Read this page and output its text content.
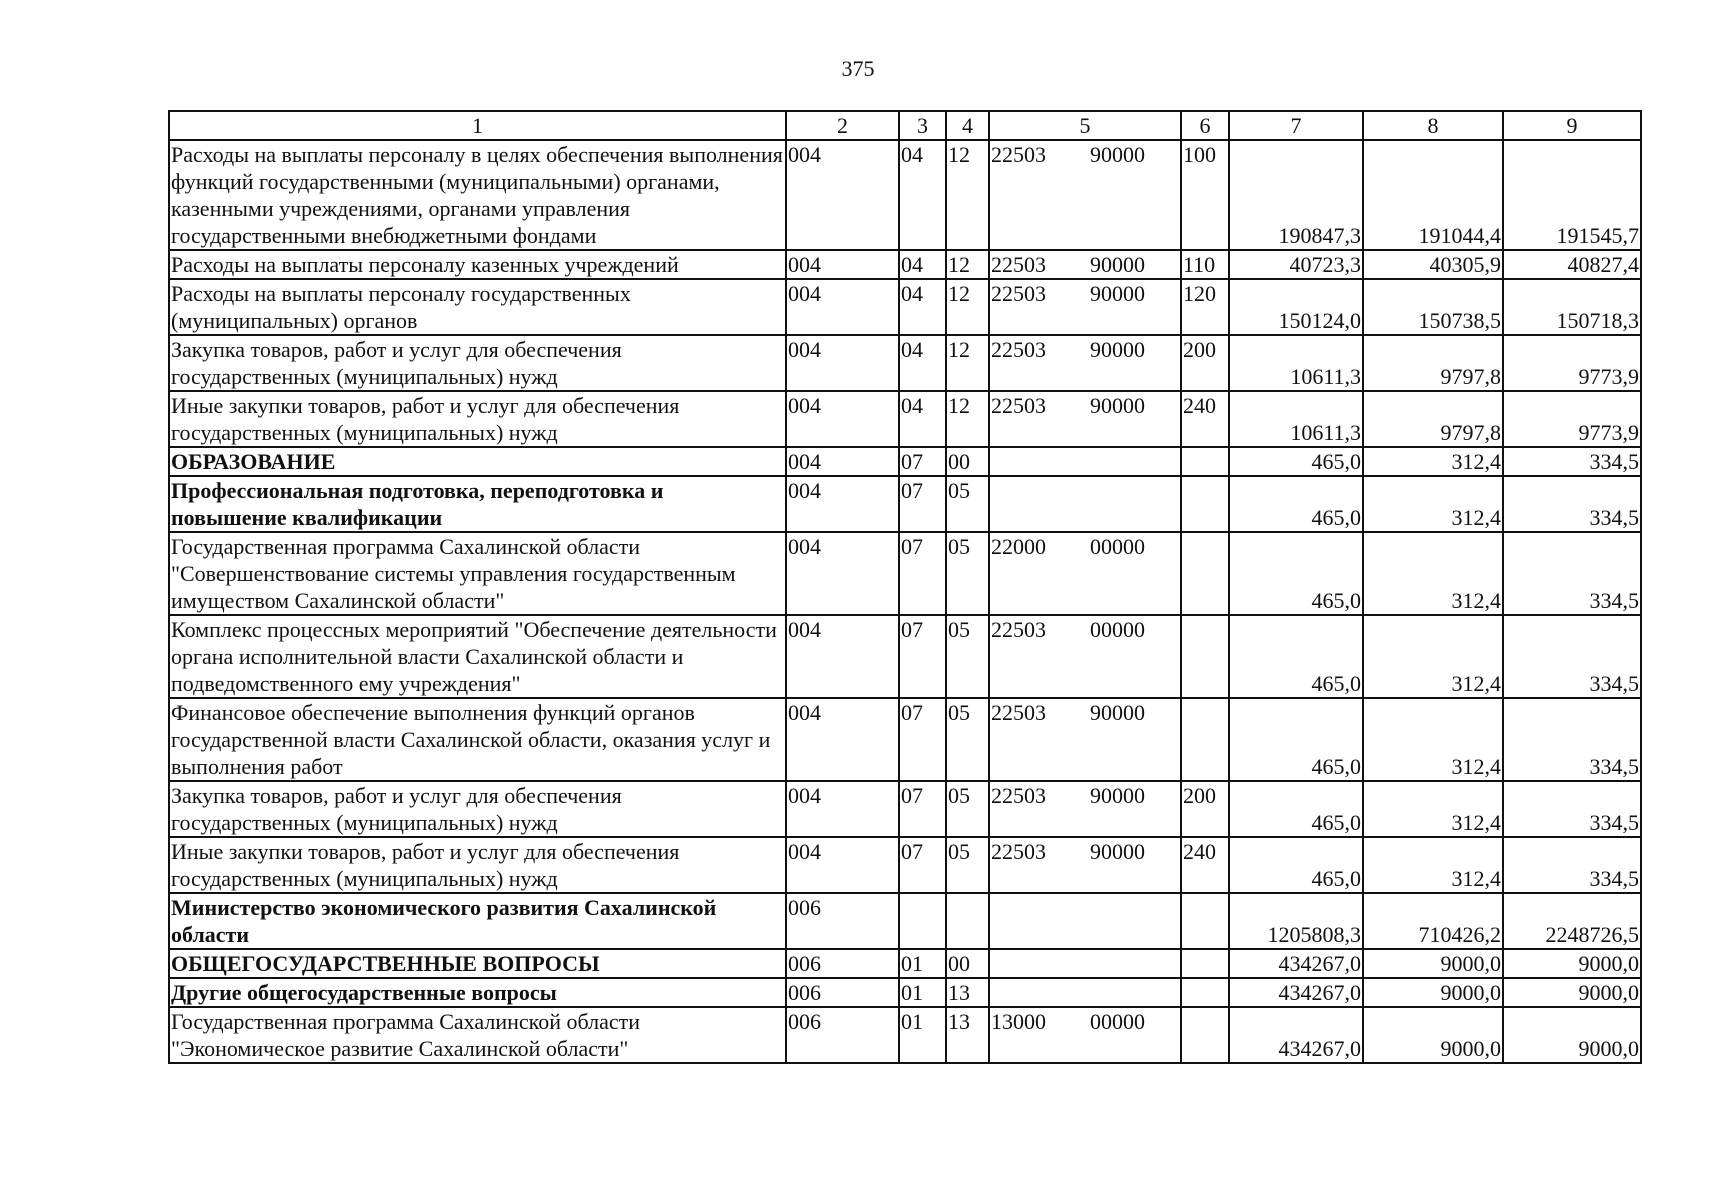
375
1	2	3	4	5	6	7	8	9
Расходы на выплаты персоналу в целях обеспечения выполнения функций государственными (муниципальными) органами, казенными учреждениями, органами управления государственными внебюджетными фондами	004	04	12	22503 90000	100	190847,3	191044,4	191545,7
Расходы на выплаты персоналу казенных учреждений	004	04	12	22503 90000	110	40723,3	40305,9	40827,4
Расходы на выплаты персоналу государственных (муниципальных) органов	004	04	12	22503 90000	120	150124,0	150738,5	150718,3
Закупка товаров, работ и услуг для обеспечения государственных (муниципальных) нужд	004	04	12	22503 90000	200	10611,3	9797,8	9773,9
Иные закупки товаров, работ и услуг для обеспечения государственных (муниципальных) нужд	004	04	12	22503 90000	240	10611,3	9797,8	9773,9
ОБРАЗОВАНИЕ	004	07	00			465,0	312,4	334,5
Профессиональная подготовка, переподготовка и повышение квалификации	004	07	05			465,0	312,4	334,5
Государственная программа Сахалинской области "Совершенствование системы управления государственным имуществом Сахалинской области"	004	07	05	22000 00000		465,0	312,4	334,5
Комплекс процессных мероприятий "Обеспечение деятельности органа исполнительной власти Сахалинской области и подведомственного ему учреждения"	004	07	05	22503 00000		465,0	312,4	334,5
Финансовое обеспечение выполнения функций органов государственной власти Сахалинской области, оказания услуг и выполнения работ	004	07	05	22503 90000		465,0	312,4	334,5
Закупка товаров, работ и услуг для обеспечения государственных (муниципальных) нужд	004	07	05	22503 90000	200	465,0	312,4	334,5
Иные закупки товаров, работ и услуг для обеспечения государственных (муниципальных) нужд	004	07	05	22503 90000	240	465,0	312,4	334,5
Министерство экономического развития Сахалинской области	006					1205808,3	710426,2	2248726,5
ОБЩЕГОСУДАРСТВЕННЫЕ ВОПРОСЫ	006	01	00			434267,0	9000,0	9000,0
Другие общегосударственные вопросы	006	01	13			434267,0	9000,0	9000,0
Государственная программа Сахалинской области "Экономическое развитие Сахалинской области"	006	01	13	13000 00000		434267,0	9000,0	9000,0
